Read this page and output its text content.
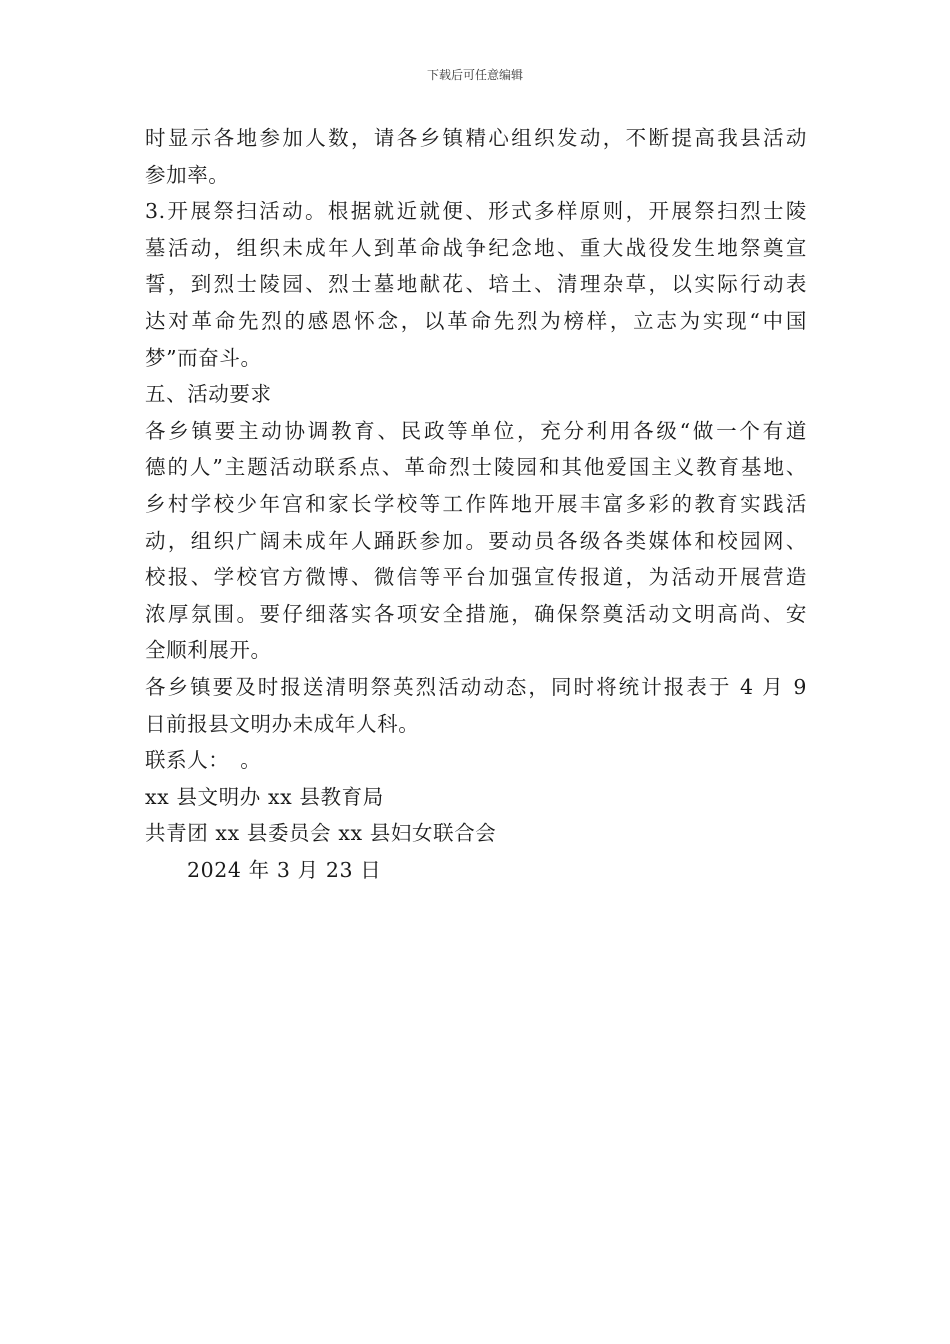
下载后可任意编辑
时显示各地参加人数，请各乡镇精心组织发动，不断提高我县活动
参加率。
3.开展祭扫活动。根据就近就便、形式多样原则，开展祭扫烈士陵
墓活动，组织未成年人到革命战争纪念地、重大战役发生地祭奠宣
誓，到烈士陵园、烈士墓地献花、培土、清理杂草，以实际行动表
达对革命先烈的感恩怀念，以革命先烈为榜样，立志为实现“中国
梦”而奋斗。
五、活动要求
各乡镇要主动协调教育、民政等单位，充分利用各级“做一个有道
德的人”主题活动联系点、革命烈士陵园和其他爱国主义教育基地、
乡村学校少年宫和家长学校等工作阵地开展丰富多彩的教育实践活
动，组织广阔未成年人踊跃参加。要动员各级各类媒体和校园网、
校报、学校官方微博、微信等平台加强宣传报道，为活动开展营造
浓厚氛围。要仔细落实各项安全措施，确保祭奠活动文明高尚、安
全顺利展开。
各乡镇要及时报送清明祭英烈活动动态，同时将统计报表于 4 月 9
日前报县文明办未成年人科。
联系人：　。
xx 县文明办 xx 县教育局
共青团 xx 县委员会 xx 县妇女联合会
2024 年 3 月 23 日
